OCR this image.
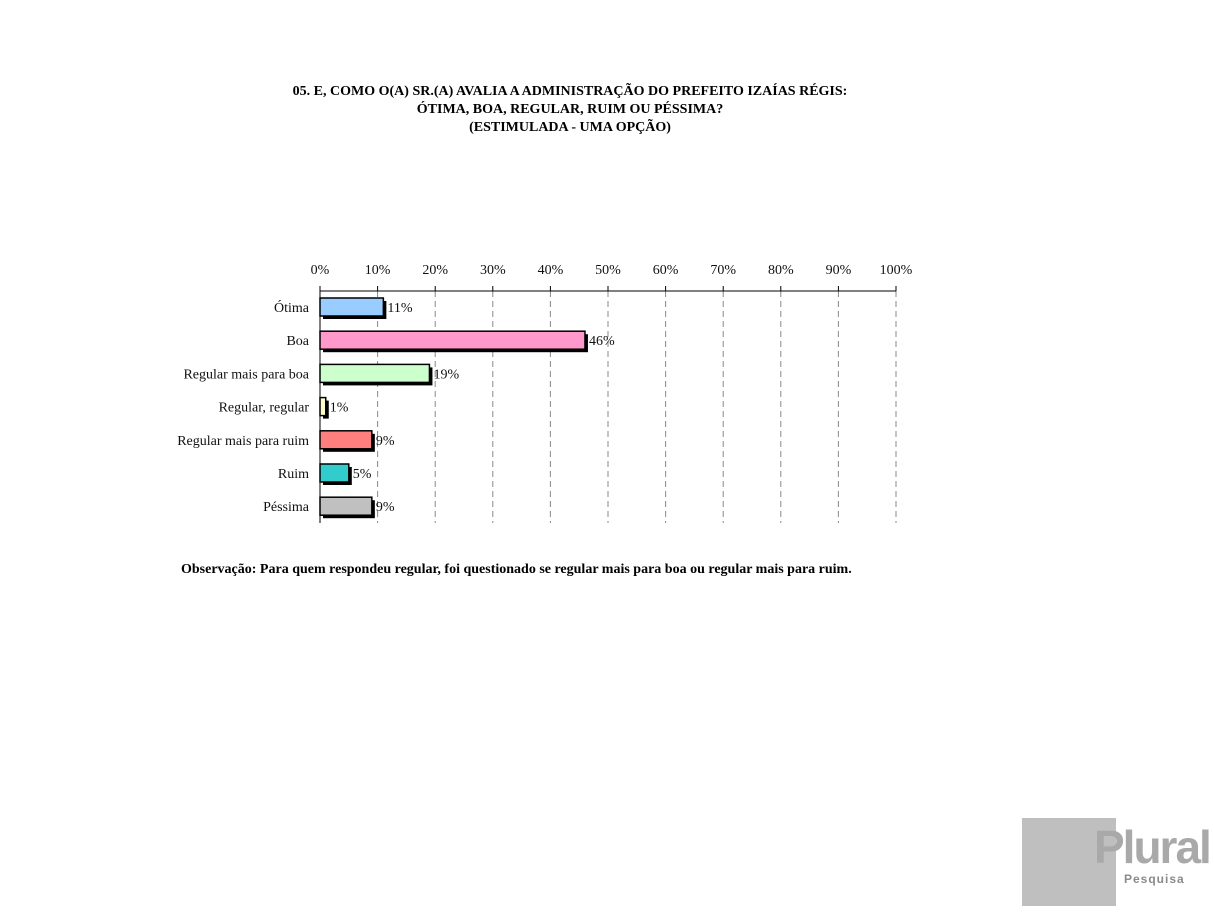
05. E, COMO O(A) SR.(A) AVALIA A ADMINISTRAÇÃO DO PREFEITO IZAÍAS RÉGIS:
ÓTIMA, BOA, REGULAR, RUIM OU PÉSSIMA?
(ESTIMULADA - UMA OPÇÃO)
0%	10% 20% 30% 40% 50% 60% 70% 80% 90% 100%
Ótima
Boa
Regular mais para boa
Regular, regular
Regular mais para ruim
Ruim
Péssima
11%
46%
19%
1%
9%
5%
9%
Observação: Para quem respondeu regular, foi questionado se regular mais para boa ou regular mais para ruim.
Plural
Pesquisa
